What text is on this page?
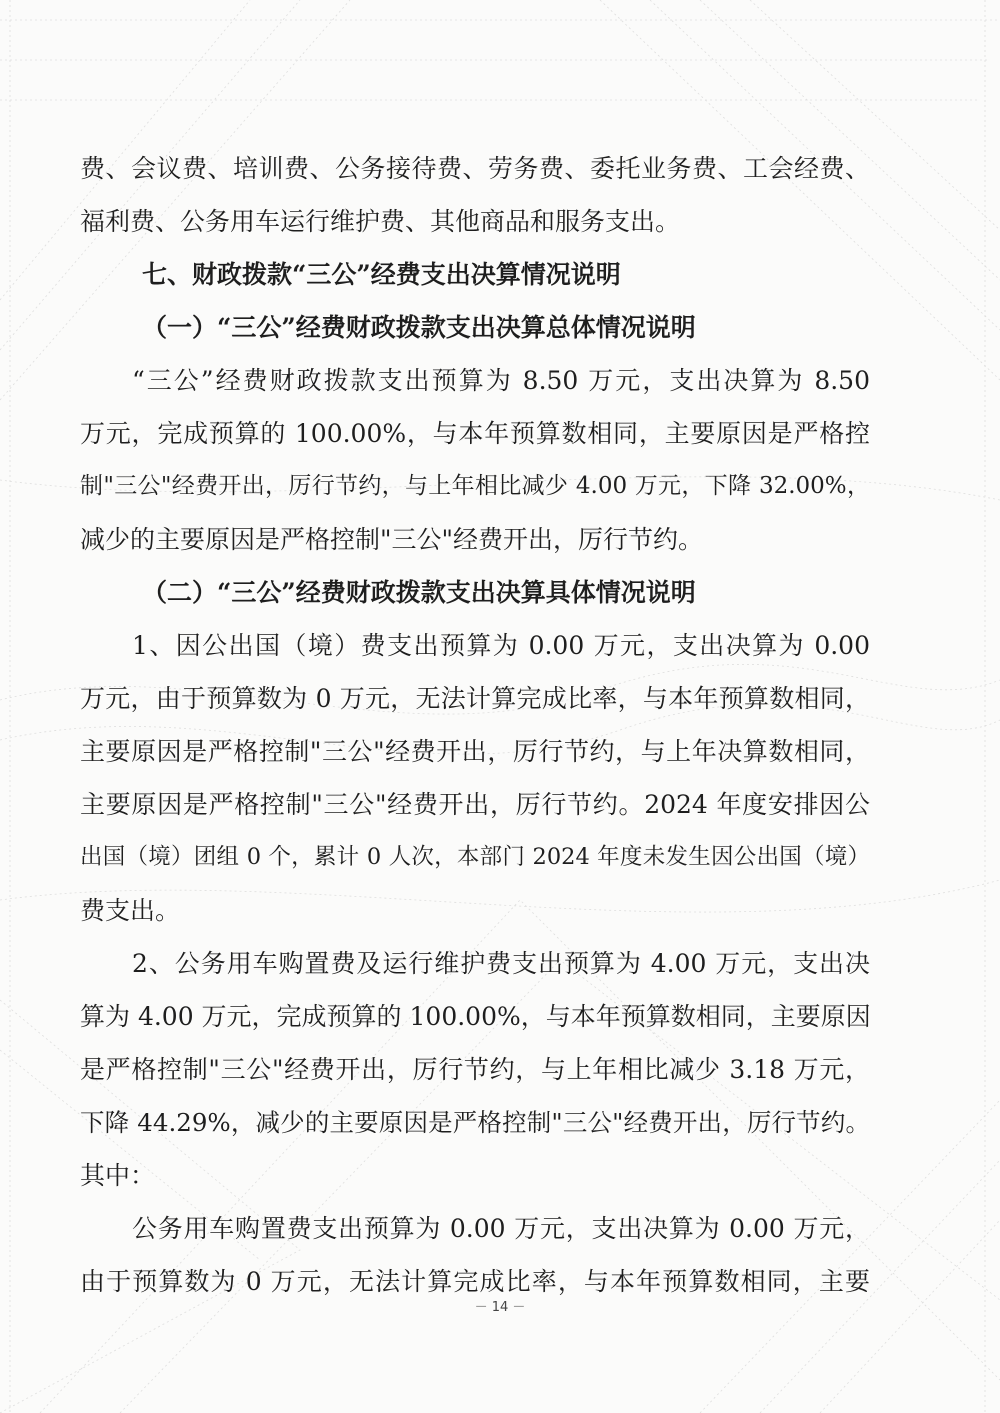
费、会议费、培训费、公务接待费、劳务费、委托业务费、工会经费、
福利费、公务用车运行维护费、其他商品和服务支出。
七、财政拨款“三公”经费支出决算情况说明
（一）“三公”经费财政拨款支出决算总体情况说明
“三公”经费财政拨款支出预算为 8.50 万元，支出决算为 8.50
万元，完成预算的 100.00%，与本年预算数相同，主要原因是严格控
制"三公"经费开出，厉行节约，与上年相比减少 4.00 万元，下降 32.00%，
减少的主要原因是严格控制"三公"经费开出，厉行节约。
（二）“三公”经费财政拨款支出决算具体情况说明
1、因公出国（境）费支出预算为 0.00 万元，支出决算为 0.00
万元，由于预算数为 0 万元，无法计算完成比率，与本年预算数相同，
主要原因是严格控制"三公"经费开出，厉行节约，与上年决算数相同，
主要原因是严格控制"三公"经费开出，厉行节约。2024 年度安排因公
出国（境）团组 0 个，累计 0 人次，本部门 2024 年度未发生因公出国（境）
费支出。
2、公务用车购置费及运行维护费支出预算为 4.00 万元，支出决
算为 4.00 万元，完成预算的 100.00%，与本年预算数相同，主要原因
是严格控制"三公"经费开出，厉行节约，与上年相比减少 3.18 万元，
下降 44.29%，减少的主要原因是严格控制"三公"经费开出，厉行节约。
其中：
公务用车购置费支出预算为 0.00 万元，支出决算为 0.00 万元，
由于预算数为 0 万元，无法计算完成比率，与本年预算数相同，主要
－ 14 －
